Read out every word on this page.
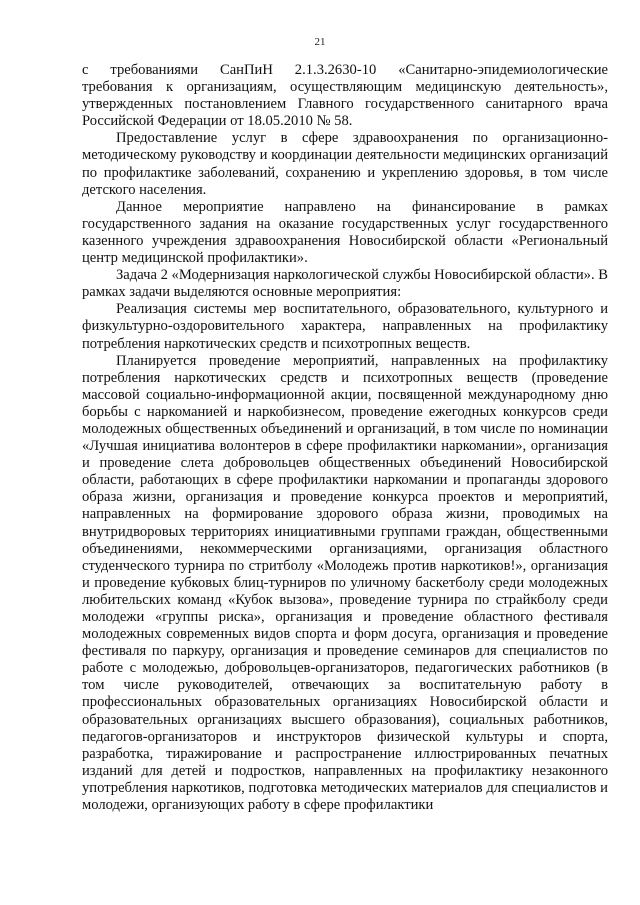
21

с требованиями СанПиН 2.1.3.2630-10 «Санитарно-эпидемиологические требования к организациям, осуществляющим медицинскую деятельность», утвержденных постановлением Главного государственного санитарного врача Российской Федерации от 18.05.2010 № 58.

Предоставление услуг в сфере здравоохранения по организационно-методическому руководству и координации деятельности медицинских организаций по профилактике заболеваний, сохранению и укреплению здоровья, в том числе детского населения.

Данное мероприятие направлено на финансирование в рамках государственного задания на оказание государственных услуг государственного казенного учреждения здравоохранения Новосибирской области «Региональный центр медицинской профилактики».

Задача 2 «Модернизация наркологической службы Новосибирской области». В рамках задачи выделяются основные мероприятия:

Реализация системы мер воспитательного, образовательного, культурного и физкультурно-оздоровительного характера, направленных на профилактику потребления наркотических средств и психотропных веществ.

Планируется проведение мероприятий, направленных на профилактику потребления наркотических средств и психотропных веществ (проведение массовой социально-информационной акции, посвященной международному дню борьбы с наркоманией и наркобизнесом, проведение ежегодных конкурсов среди молодежных общественных объединений и организаций, в том числе по номинации «Лучшая инициатива волонтеров в сфере профилактики наркомании», организация и проведение слета добровольцев общественных объединений Новосибирской области, работающих в сфере профилактики наркомании и пропаганды здорового образа жизни, организация и проведение конкурса проектов и мероприятий, направленных на формирование здорового образа жизни, проводимых на внутридворовых территориях инициативными группами граждан, общественными объединениями, некоммерческими организациями, организация областного студенческого турнира по стритболу «Молодежь против наркотиков!», организация и проведение кубковых блиц-турниров по уличному баскетболу среди молодежных любительских команд «Кубок вызова», проведение турнира по страйкболу среди молодежи «группы риска», организация и проведение областного фестиваля молодежных современных видов спорта и форм досуга, организация и проведение фестиваля по паркуру, организация и проведение семинаров для специалистов по работе с молодежью, добровольцев-организаторов, педагогических работников (в том числе руководителей, отвечающих за воспитательную работу в профессиональных образовательных организациях Новосибирской области и образовательных организациях высшего образования), социальных работников, педагогов-организаторов и инструкторов физической культуры и спорта, разработка, тиражирование и распространение иллюстрированных печатных изданий для детей и подростков, направленных на профилактику незаконного употребления наркотиков, подготовка методических материалов для специалистов и молодежи, организующих работу в сфере профилактики
